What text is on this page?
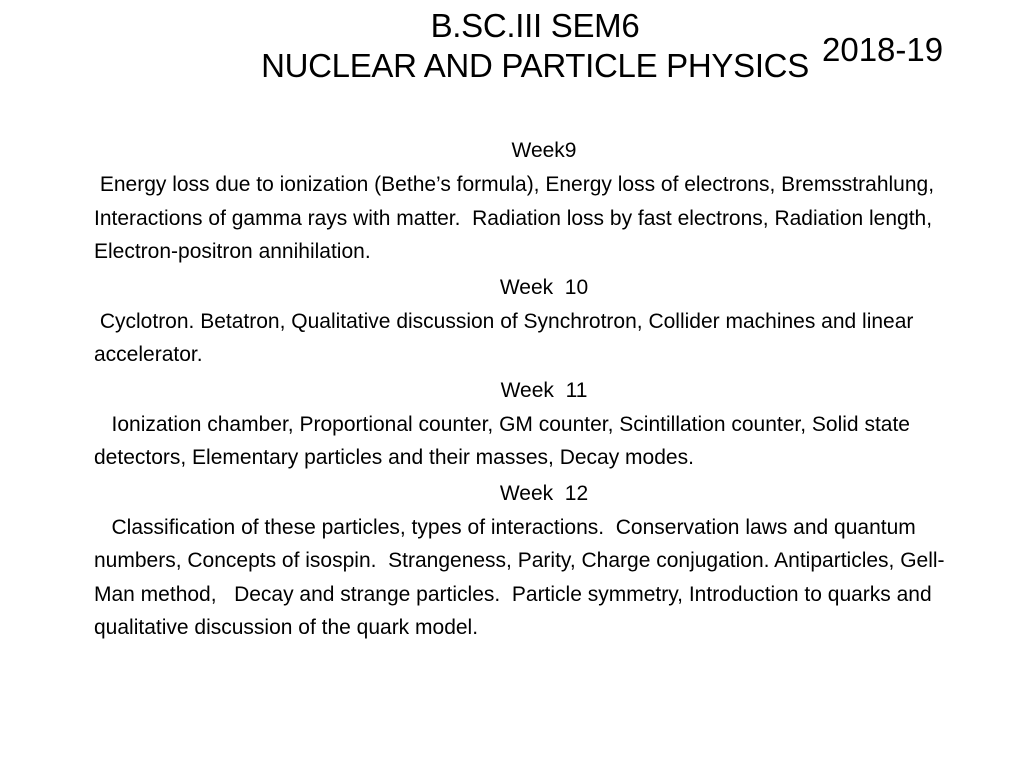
B.SC.III SEM6
NUCLEAR AND PARTICLE PHYSICS 2018-19

Week9

Energy loss due to ionization (Bethe’s formula), Energy loss of electrons, Bremsstrahlung,  Interactions of gamma rays with matter.  Radiation loss by fast electrons, Radiation length, Electron-positron annihilation.

Week  10

Cyclotron. Betatron, Qualitative discussion of Synchrotron, Collider machines and linear accelerator.

Week  11

Ionization chamber, Proportional counter, GM counter, Scintillation counter, Solid state detectors, Elementary particles and their masses, Decay modes.

Week  12

Classification of these particles, types of interactions.  Conservation laws and quantum numbers, Concepts of isospin.  Strangeness, Parity, Charge conjugation. Antiparticles, Gell-Man method,   Decay and strange particles.  Particle symmetry, Introduction to quarks and qualitative discussion of the quark model.
